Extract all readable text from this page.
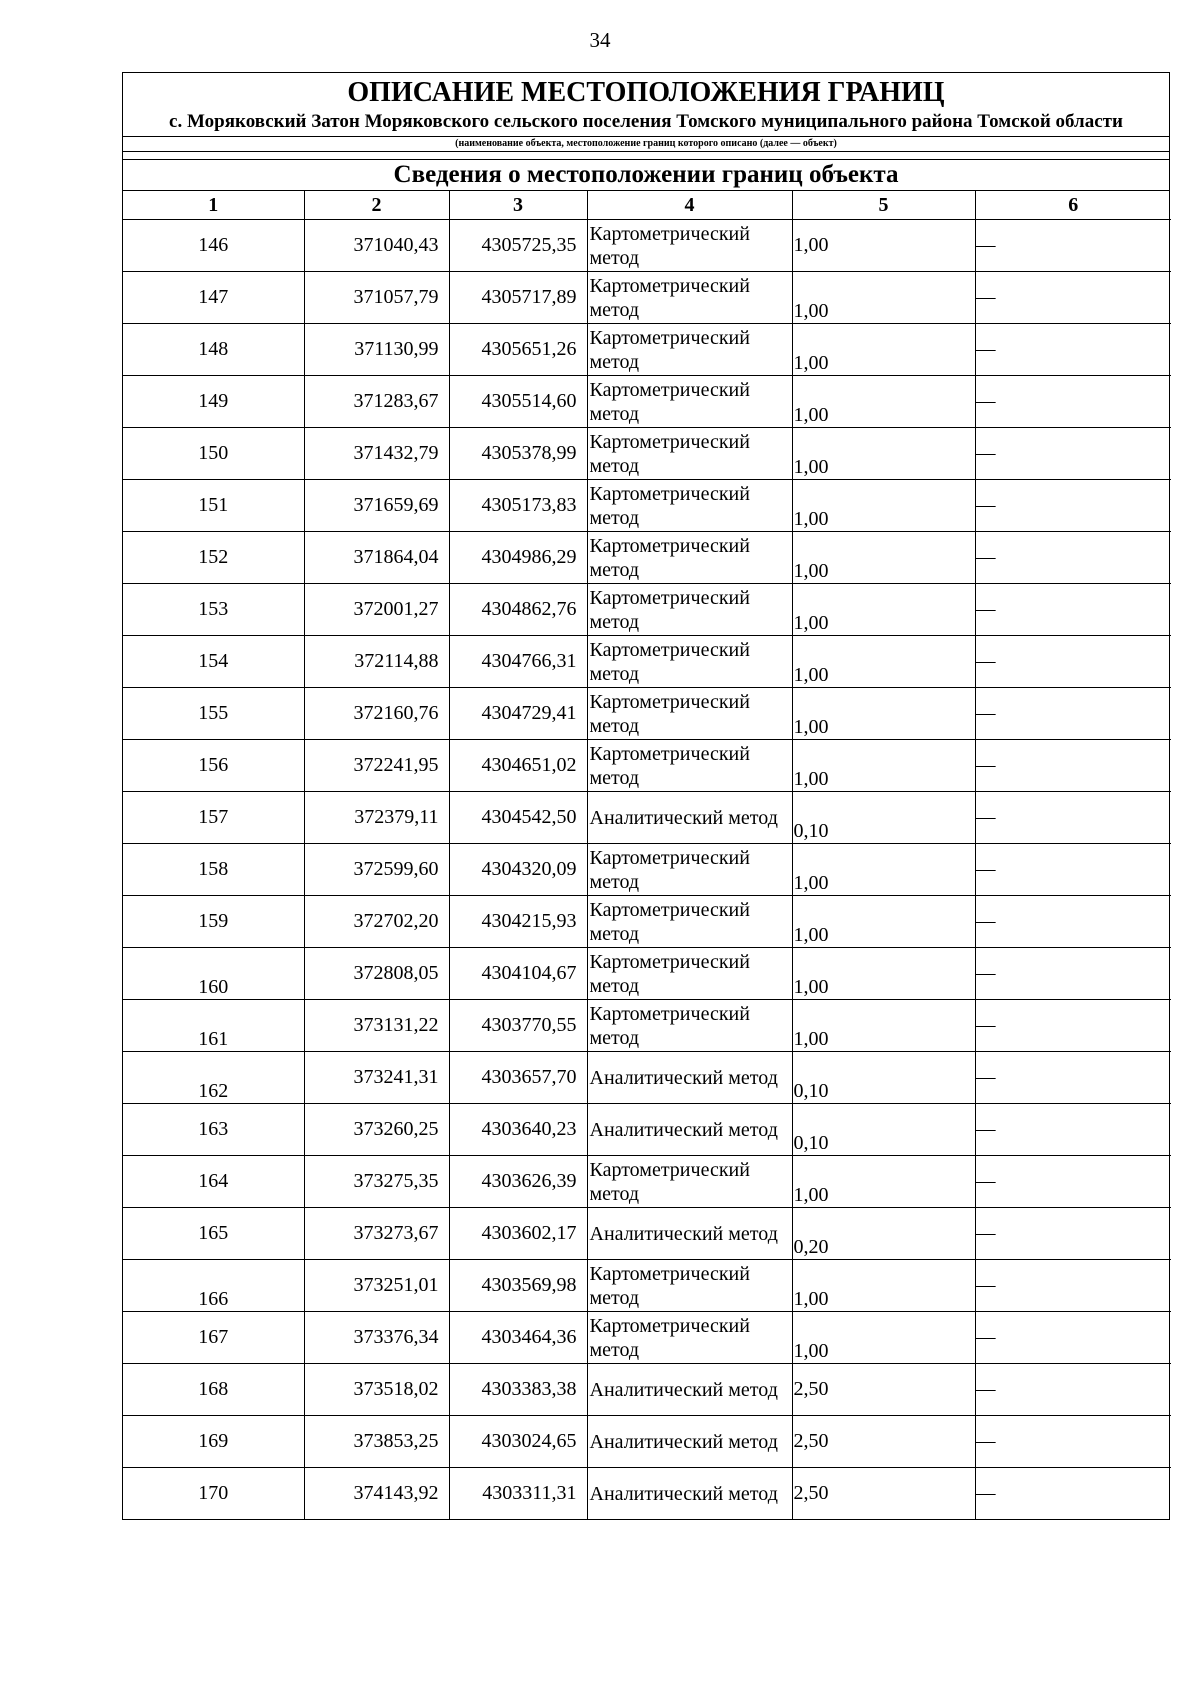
34
ОПИСАНИЕ МЕСТОПОЛОЖЕНИЯ ГРАНИЦ
с. Моряковский Затон Моряковского сельского поселения Томского муниципального района Томской области
(наименование объекта, местоположение границ которого описано (далее — объект)
Сведения о местоположении границ объекта
1	2	3	4	5	6
146	371040,43	4305725,35	Картометрический метод	1,00	—
147	371057,79	4305717,89	Картометрический метод	1,00	—
148	371130,99	4305651,26	Картометрический метод	1,00	—
149	371283,67	4305514,60	Картометрический метод	1,00	—
150	371432,79	4305378,99	Картометрический метод	1,00	—
151	371659,69	4305173,83	Картометрический метод	1,00	—
152	371864,04	4304986,29	Картометрический метод	1,00	—
153	372001,27	4304862,76	Картометрический метод	1,00	—
154	372114,88	4304766,31	Картометрический метод	1,00	—
155	372160,76	4304729,41	Картометрический метод	1,00	—
156	372241,95	4304651,02	Картометрический метод	1,00	—
157	372379,11	4304542,50	Аналитический метод	0,10	—
158	372599,60	4304320,09	Картометрический метод	1,00	—
159	372702,20	4304215,93	Картометрический метод	1,00	—
160	372808,05	4304104,67	Картометрический метод	1,00	—
161	373131,22	4303770,55	Картометрический метод	1,00	—
162	373241,31	4303657,70	Аналитический метод	0,10	—
163	373260,25	4303640,23	Аналитический метод	0,10	—
164	373275,35	4303626,39	Картометрический метод	1,00	—
165	373273,67	4303602,17	Аналитический метод	0,20	—
166	373251,01	4303569,98	Картометрический метод	1,00	—
167	373376,34	4303464,36	Картометрический метод	1,00	—
168	373518,02	4303383,38	Аналитический метод	2,50	—
169	373853,25	4303024,65	Аналитический метод	2,50	—
170	374143,92	4303311,31	Аналитический метод	2,50	—
